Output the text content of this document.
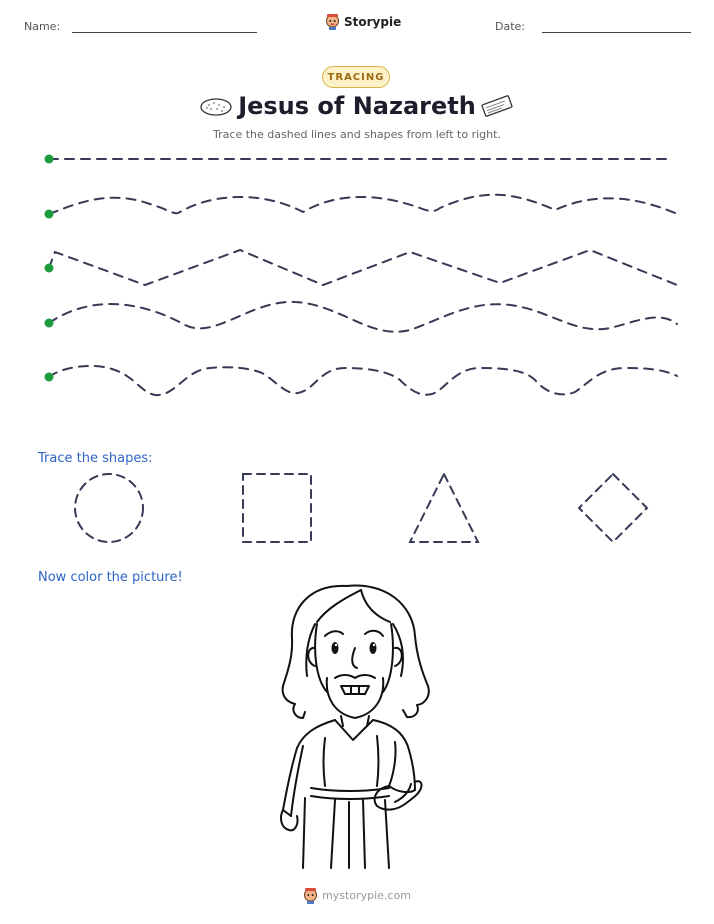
Name:	Storypie	Date:
TRACING
Jesus of Nazareth
Trace the dashed lines and shapes from left to right.
Trace the shapes:
Now color the picture!
mystorypie.com
